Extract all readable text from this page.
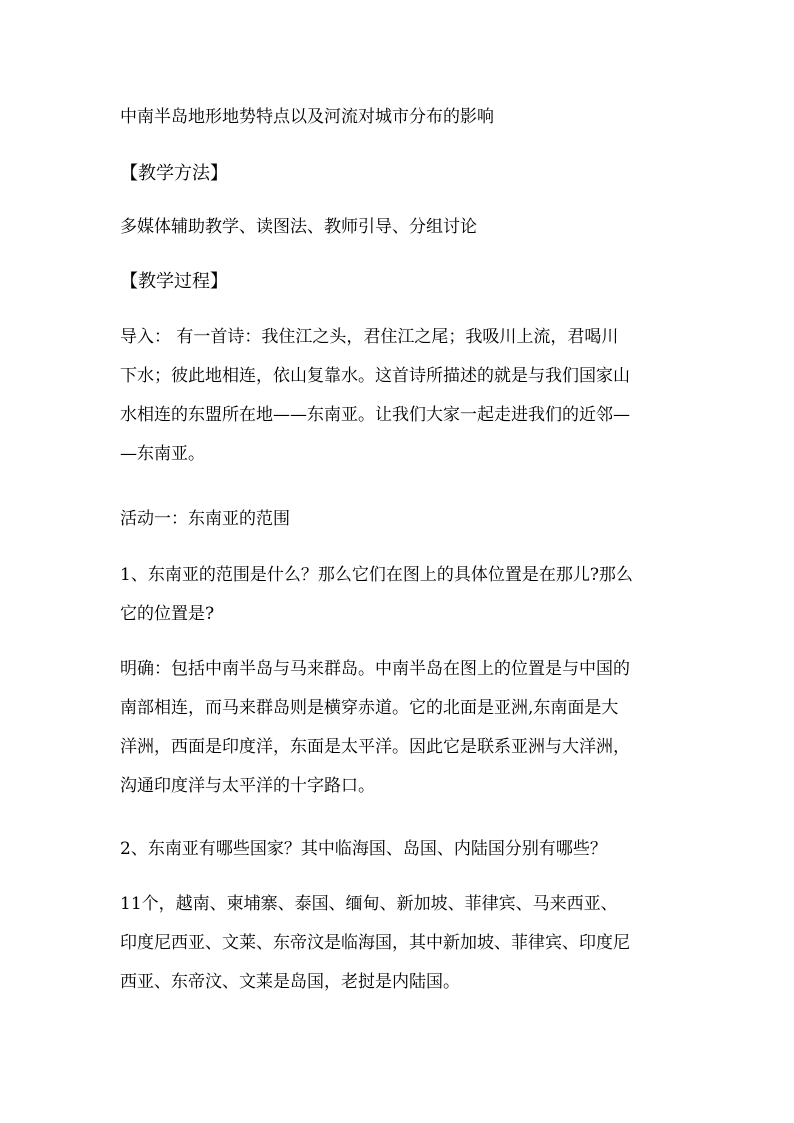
中南半岛地形地势特点以及河流对城市分布的影响

【教学方法】

多媒体辅助教学、读图法、教师引导、分组讨论

【教学过程】

导入： 有一首诗：我住江之头，君住江之尾；我吸川上流，君喝川

下水；彼此地相连，依山复靠水。这首诗所描述的就是与我们国家山

水相连的东盟所在地——东南亚。让我们大家一起走进我们的近邻—

—东南亚。

活动一：东南亚的范围

1、东南亚的范围是什么？那么它们在图上的具体位置是在那儿?那么

它的位置是?

明确：包括中南半岛与马来群岛。中南半岛在图上的位置是与中国的

南部相连，而马来群岛则是横穿赤道。它的北面是亚洲,东南面是大

洋洲，西面是印度洋，东面是太平洋。因此它是联系亚洲与大洋洲，

沟通印度洋与太平洋的十字路口。

2、东南亚有哪些国家？其中临海国、岛国、内陆国分别有哪些？

11个，越南、柬埔寨、泰国、缅甸、新加坡、菲律宾、马来西亚、

印度尼西亚、文莱、东帝汶是临海国，其中新加坡、菲律宾、印度尼

西亚、东帝汶、文莱是岛国，老挝是内陆国。
